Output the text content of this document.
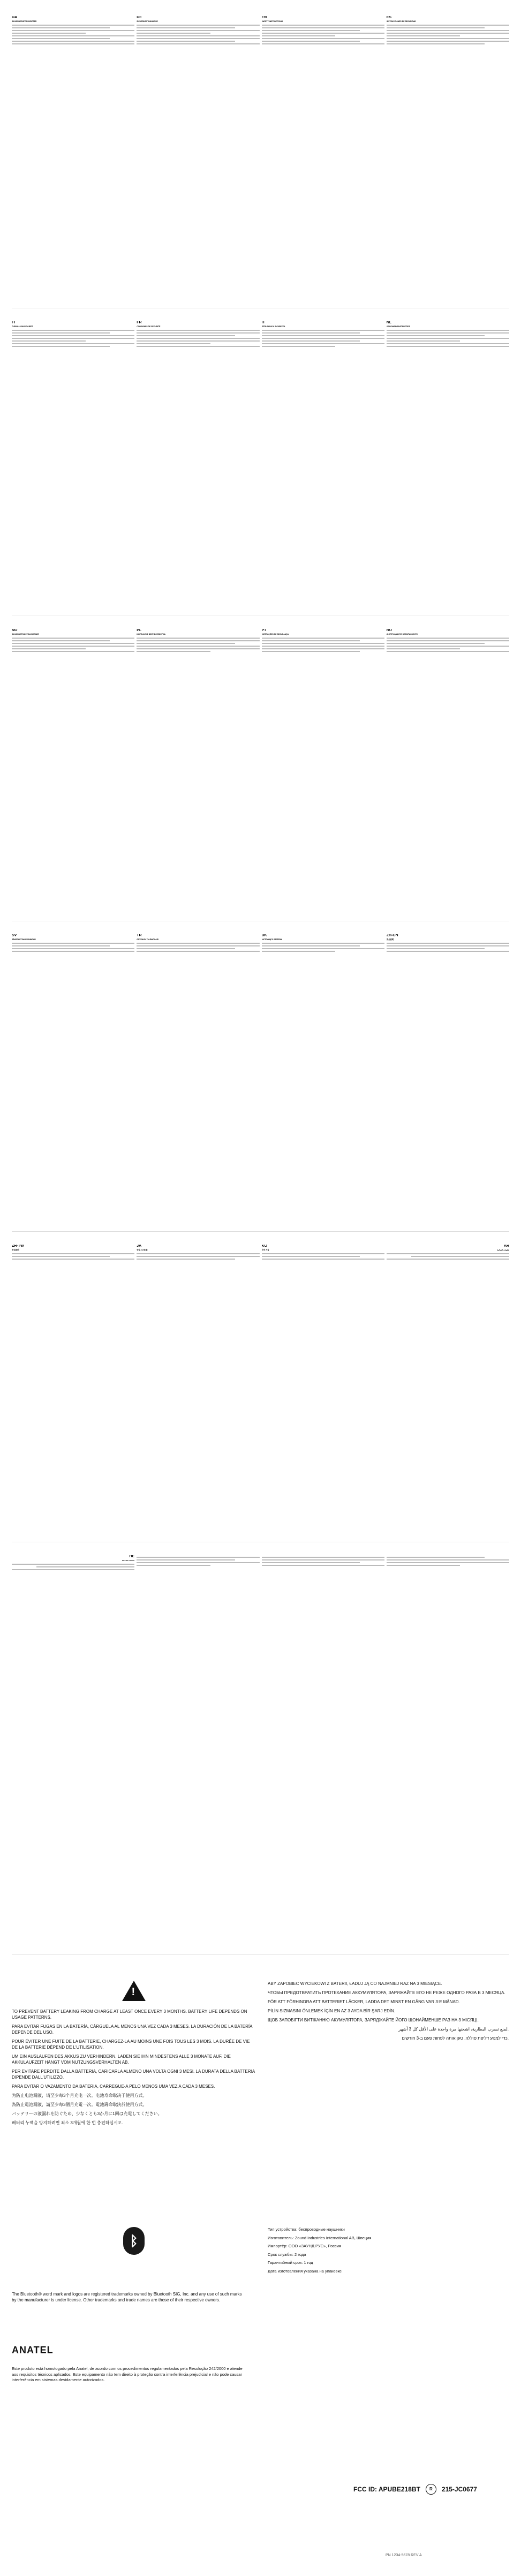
DA
SIKKERHEDSFORSKRIFTER
DE
SICHERHEITSHINWEISE
EN
SAFETY INSTRUCTIONS
ES
INSTRUCCIONES DE SEGURIDAD
FI
TURVALLISUUSOHJEET
FR
CONSIGNES DE SÉCURITÉ
IT
ISTRUZIONI DI SICUREZZA
NL
VEILIGHEIDSINSTRUCTIES
NO
SIKKERHETSINSTRUKSJONER
PL
INSTRUKCJE BEZPIECZEŃSTWA
PT
INSTRUÇÕES DE SEGURANÇA
RU
ИНСТРУКЦИИ ПО БЕЗОПАСНОСТИ
SV
SÄKERHETSANVISNINGAR
TR
GÜVENLİK TALİMATLARI
UK
ІНСТРУКЦІЇ З БЕЗПЕКИ
ZH-CN
安全说明
ZH-TW
安全說明
JA
安全上の注意
KO
안전 지침
AR
تعليمات السلامة
HE
הוראות בטיחות
!

TO PREVENT BATTERY LEAKING FROM CHARGE AT LEAST ONCE EVERY 3 MONTHS. BATTERY LIFE DEPENDS ON USAGE PATTERNS.

PARA EVITAR FUGAS EN LA BATERÍA, CÁRGUELA AL MENOS UNA VEZ CADA 3 MESES. LA DURACIÓN DE LA BATERÍA DEPENDE DEL USO.

POUR ÉVITER UNE FUITE DE LA BATTERIE, CHARGEZ-LA AU MOINS UNE FOIS TOUS LES 3 MOIS. LA DURÉE DE VIE DE LA BATTERIE DÉPEND DE L'UTILISATION.

UM EIN AUSLAUFEN DES AKKUS ZU VERHINDERN, LADEN SIE IHN MINDESTENS ALLE 3 MONATE AUF. DIE AKKULAUFZEIT HÄNGT VOM NUTZUNGSVERHALTEN AB.

PER EVITARE PERDITE DALLA BATTERIA, CARICARLA ALMENO UNA VOLTA OGNI 3 MESI. LA DURATA DELLA BATTERIA DIPENDE DALL'UTILIZZO.

PARA EVITAR O VAZAMENTO DA BATERIA, CARREGUE-A PELO MENOS UMA VEZ A CADA 3 MESES.

为防止电池漏液，请至少每3个月充电一次。电池寿命取决于使用方式。

為防止電池漏液，請至少每3個月充電一次。電池壽命取決於使用方式。

バッテリーの液漏れを防ぐため、少なくとも3か月に1回は充電してください。

배터리 누액을 방지하려면 최소 3개월에 한 번 충전하십시오.

ABY ZAPOBIEC WYCIEKOWI Z BATERII, ŁADUJ JĄ CO NAJMNIEJ RAZ NA 3 MIESIĄCE.

ЧТОБЫ ПРЕДОТВРАТИТЬ ПРОТЕКАНИЕ АККУМУЛЯТОРА, ЗАРЯЖАЙТЕ ЕГО НЕ РЕЖЕ ОДНОГО РАЗА В 3 МЕСЯЦА.

FÖR ATT FÖRHINDRA ATT BATTERIET LÄCKER, LADDA DET MINST EN GÅNG VAR 3:E MÅNAD.

PİLİN SIZMASINI ÖNLEMEK İÇİN EN AZ 3 AYDA BİR ŞARJ EDİN.

ЩОБ ЗАПОБІГТИ ВИТІКАННЮ АКУМУЛЯТОРА, ЗАРЯДЖАЙТЕ ЙОГО ЩОНАЙМЕНШЕ РАЗ НА 3 МІСЯЦІ.

لمنع تسرب البطارية، اشحنها مرة واحدة على الأقل كل 3 أشهر.

כדי למנוע דליפת סוללה, טען אותה לפחות פעם ב-3 חודשים.

ᛒ
The Bluetooth® word mark and logos are registered trademarks owned by Bluetooth SIG, Inc. and any use of such marks by the manufacturer is under license. Other trademarks and trade names are those of their respective owners.
ANATEL
Este produto está homologado pela Anatel, de acordo com os procedimentos regulamentados pela Resolução 242/2000 e atende aos requisitos técnicos aplicados. Este equipamento não tem direito à proteção contra interferência prejudicial e não pode causar interferência em sistemas devidamente autorizados.

Тип устройства: беспроводные наушники

Изготовитель: Zound Industries International AB, Швеция

Импортёр: ООО «ЗАУНД РУС», Россия

Срок службы: 2 года

Гарантийный срок: 1 год

Дата изготовления указана на упаковке

FCC ID: APUBE218BT	R	215-JC0677
PN 1234-5678 REV A
